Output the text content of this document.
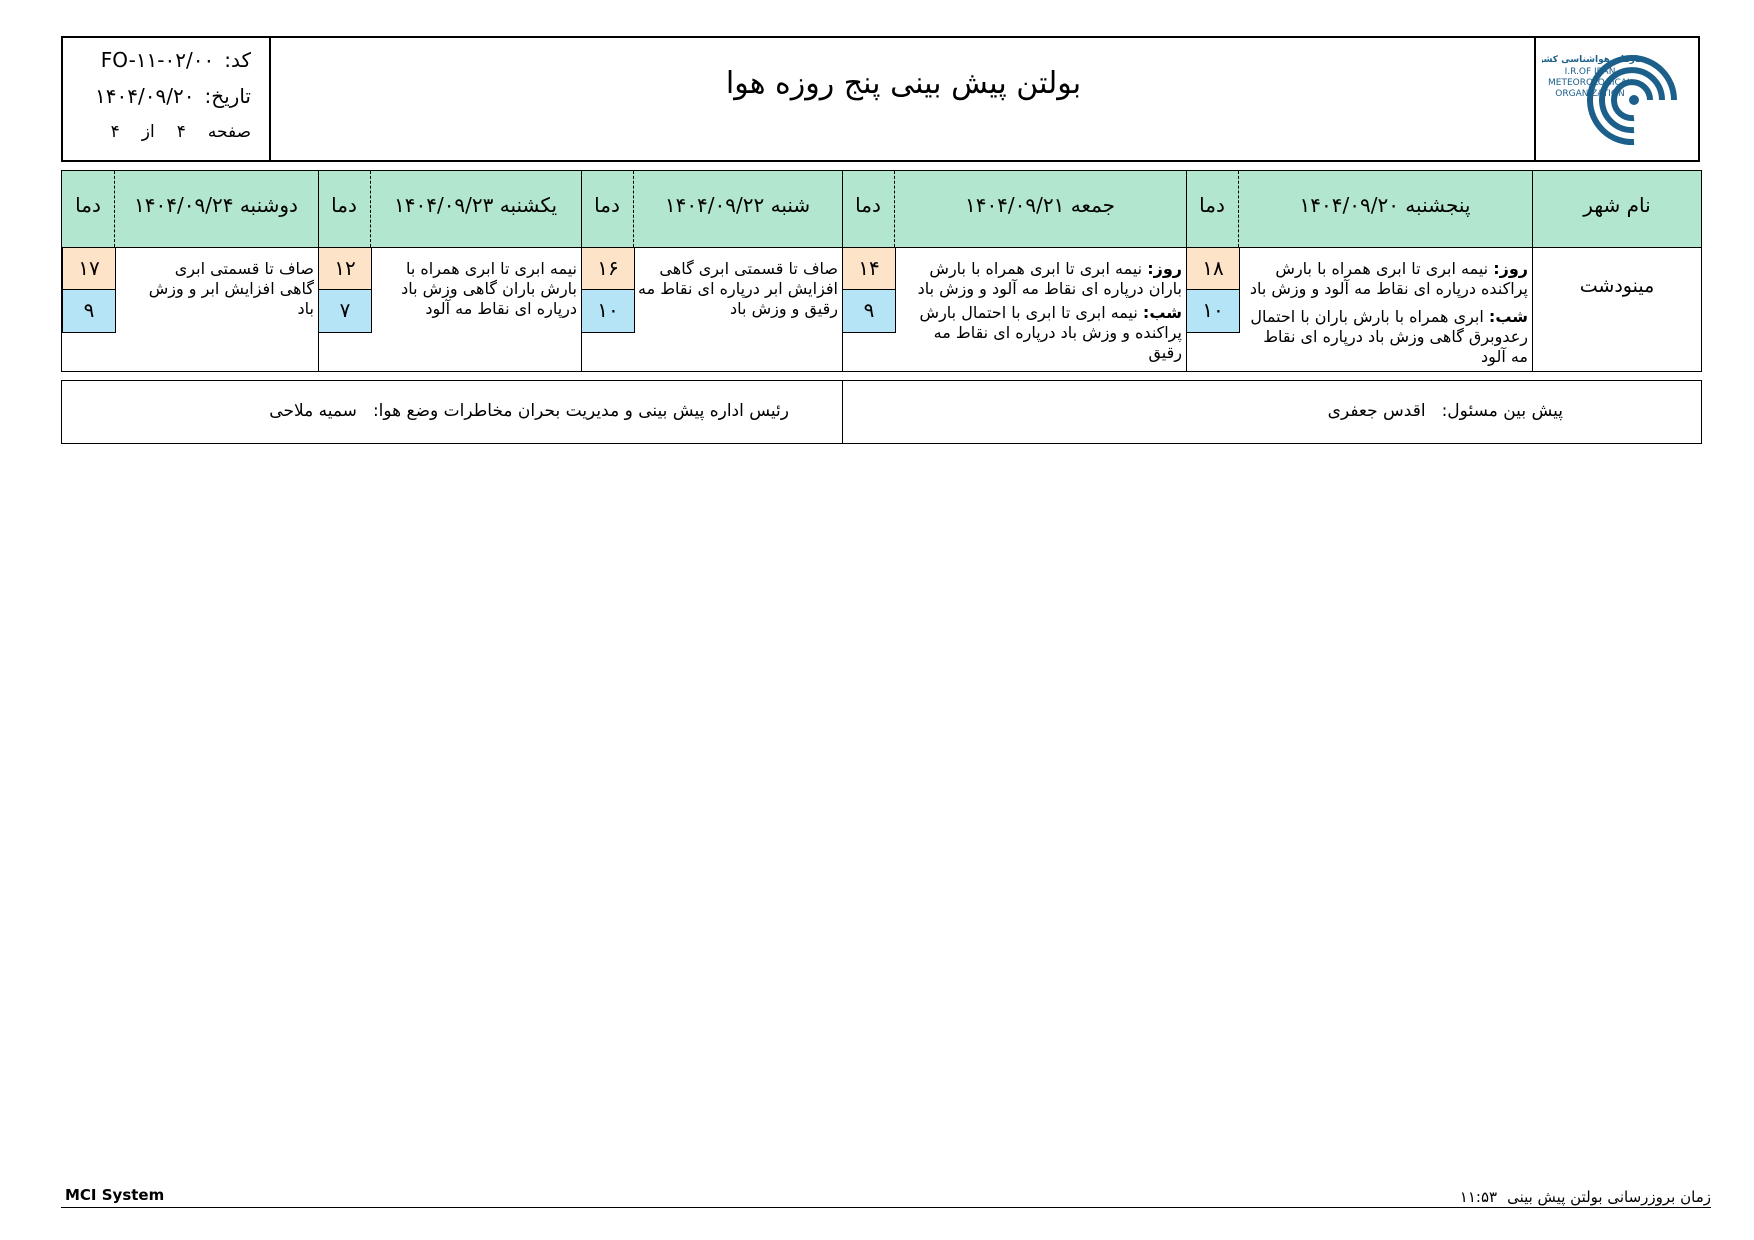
کد:
FO-۱۱-۰۲/۰۰
تاریخ:
۱۴۰۴/۰۹/۲۰
صفحه
۴
از
۴
بولتن پیش بینی پنج روزه هوا
سازمان هواشناسی کشور
I.R.OF IRAN
METEOROLOGICAL
ORGANIZATION
نام شهر
پنجشنبه ۱۴۰۴/۰۹/۲۰
دما
جمعه ۱۴۰۴/۰۹/۲۱
دما
شنبه ۱۴۰۴/۰۹/۲۲
دما
یکشنبه ۱۴۰۴/۰۹/۲۳
دما
دوشنبه ۱۴۰۴/۰۹/۲۴
دما
مینودشت
روز: نیمه ابری تا ابری همراه با بارش پراکنده درپاره ای نقاط مه آلود و وزش باد
شب: ابری همراه با بارش باران با احتمال رعدوبرق گاهی وزش باد درپاره ای نقاط مه آلود
۱۸
۱۰
روز: نیمه ابری تا ابری همراه با بارش باران درپاره ای نقاط مه آلود و وزش باد
شب: نیمه ابری تا ابری با احتمال بارش پراکنده و وزش باد درپاره ای نقاط مه رقیق
۱۴
۹
صاف تا قسمتی ابری گاهی افزایش ابر درپاره ای نقاط مه رقیق و وزش باد
۱۶
۱۰
نیمه ابری تا ابری همراه با بارش باران گاهی وزش باد درپاره ای نقاط مه آلود
۱۲
۷
صاف تا قسمتی ابری گاهی افزایش ابر و وزش باد
۱۷
۹
پیش بین مسئول:
اقدس جعفری
رئیس اداره پیش بینی و مدیریت بحران مخاطرات وضع هوا:
سمیه ملاحی
MCI System	زمان بروزرسانی بولتن پیش بینی
۱۱:۵۳
